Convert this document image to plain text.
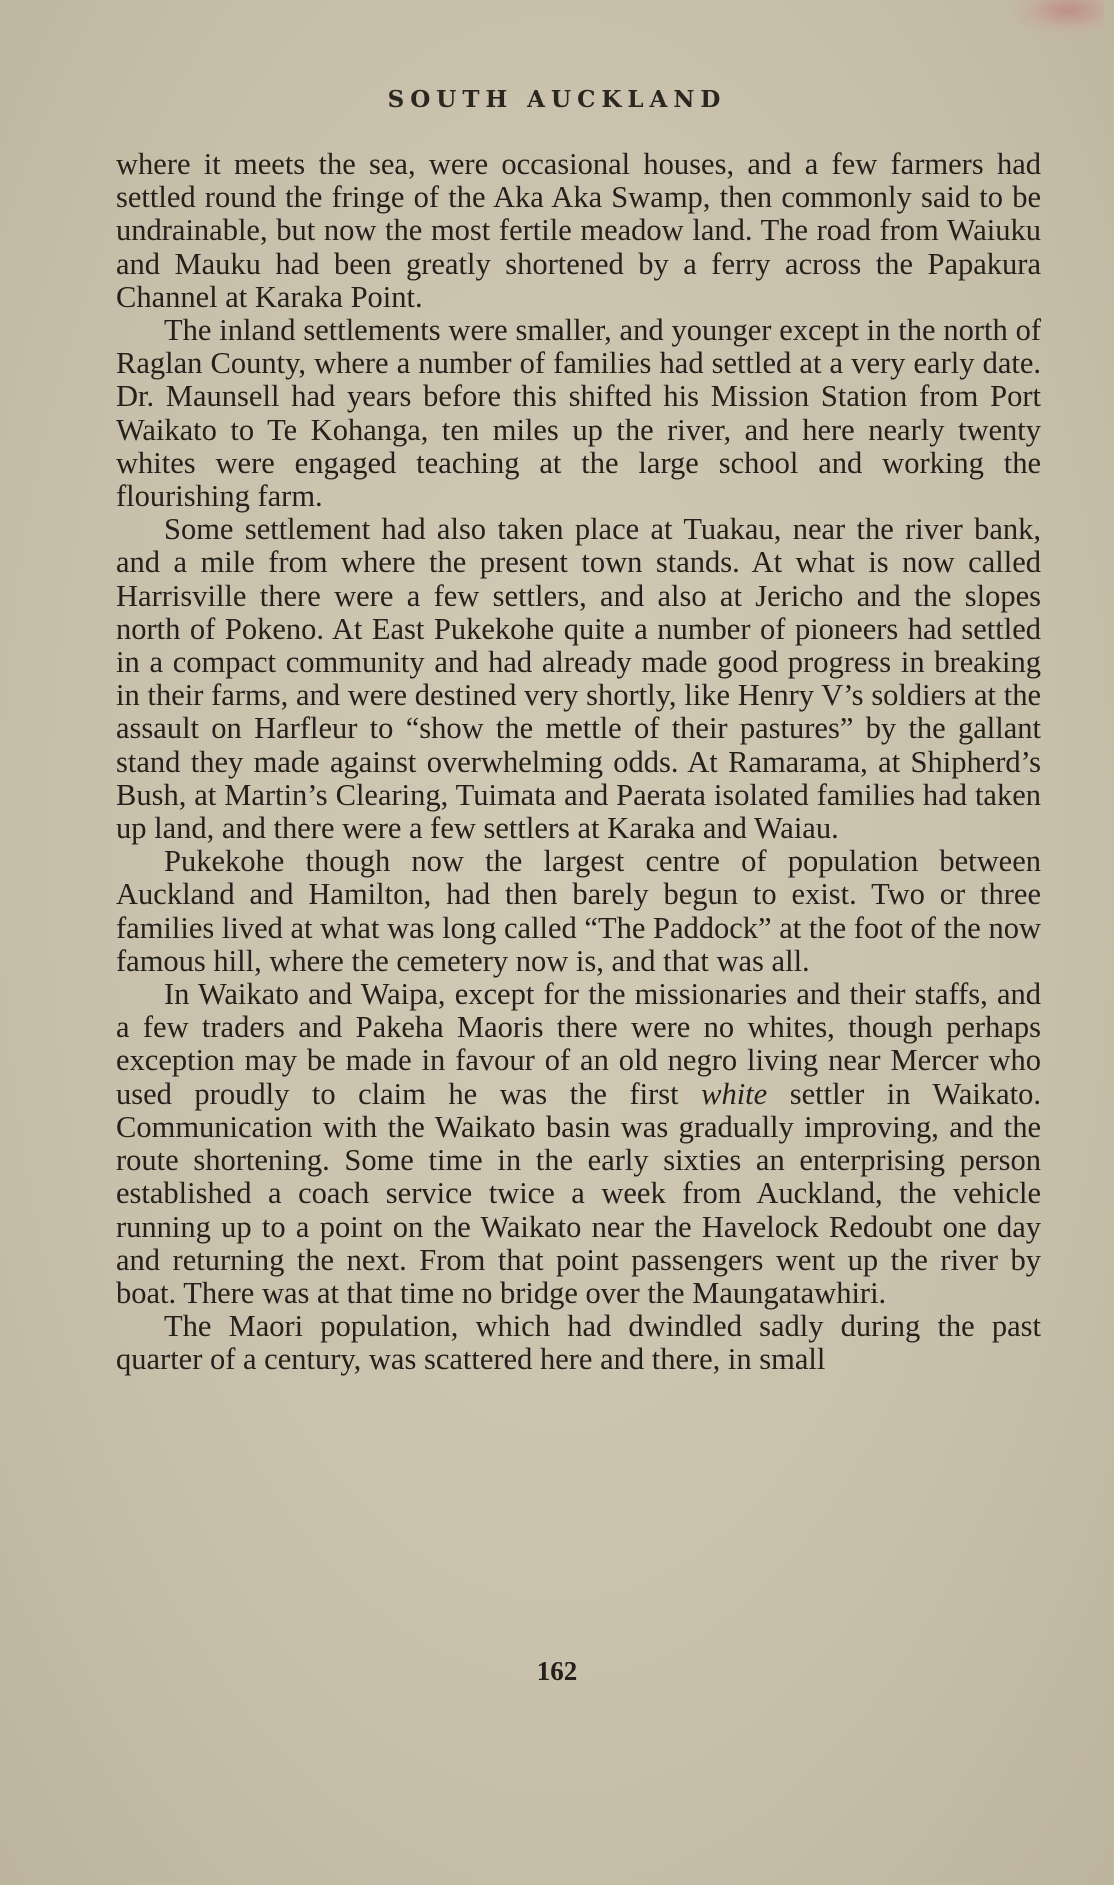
SOUTH AUCKLAND

where it meets the sea, were occasional houses, and a few farmers had settled round the fringe of the Aka Aka Swamp, then commonly said to be undrainable, but now the most fertile meadow land. The road from Waiuku and Mauku had been greatly shortened by a ferry across the Papakura Channel at Karaka Point.

The inland settlements were smaller, and younger except in the north of Raglan County, where a number of families had settled at a very early date. Dr. Maunsell had years before this shifted his Mission Station from Port Waikato to Te Kohanga, ten miles up the river, and here nearly twenty whites were engaged teaching at the large school and working the flourishing farm.

Some settlement had also taken place at Tuakau, near the river bank, and a mile from where the present town stands. At what is now called Harrisville there were a few settlers, and also at Jericho and the slopes north of Pokeno. At East Pukekohe quite a number of pioneers had settled in a compact community and had already made good progress in breaking in their farms, and were destined very shortly, like Henry V’s soldiers at the assault on Harfleur to “show the mettle of their pastures” by the gallant stand they made against overwhelming odds. At Ramarama, at Shipherd’s Bush, at Martin’s Clearing, Tuimata and Paerata isolated families had taken up land, and there were a few settlers at Karaka and Waiau.

Pukekohe though now the largest centre of population between Auckland and Hamilton, had then barely begun to exist. Two or three families lived at what was long called “The Paddock” at the foot of the now famous hill, where the cemetery now is, and that was all.

In Waikato and Waipa, except for the missionaries and their staffs, and a few traders and Pakeha Maoris there were no whites, though perhaps exception may be made in favour of an old negro living near Mercer who used proudly to claim he was the first white settler in Waikato. Communication with the Waikato basin was gradually improving, and the route shortening. Some time in the early sixties an enterprising person established a coach service twice a week from Auckland, the vehicle running up to a point on the Waikato near the Havelock Redoubt one day and returning the next. From that point passengers went up the river by boat. There was at that time no bridge over the Maungatawhiri.

The Maori population, which had dwindled sadly during the past quarter of a century, was scattered here and there, in small

162
